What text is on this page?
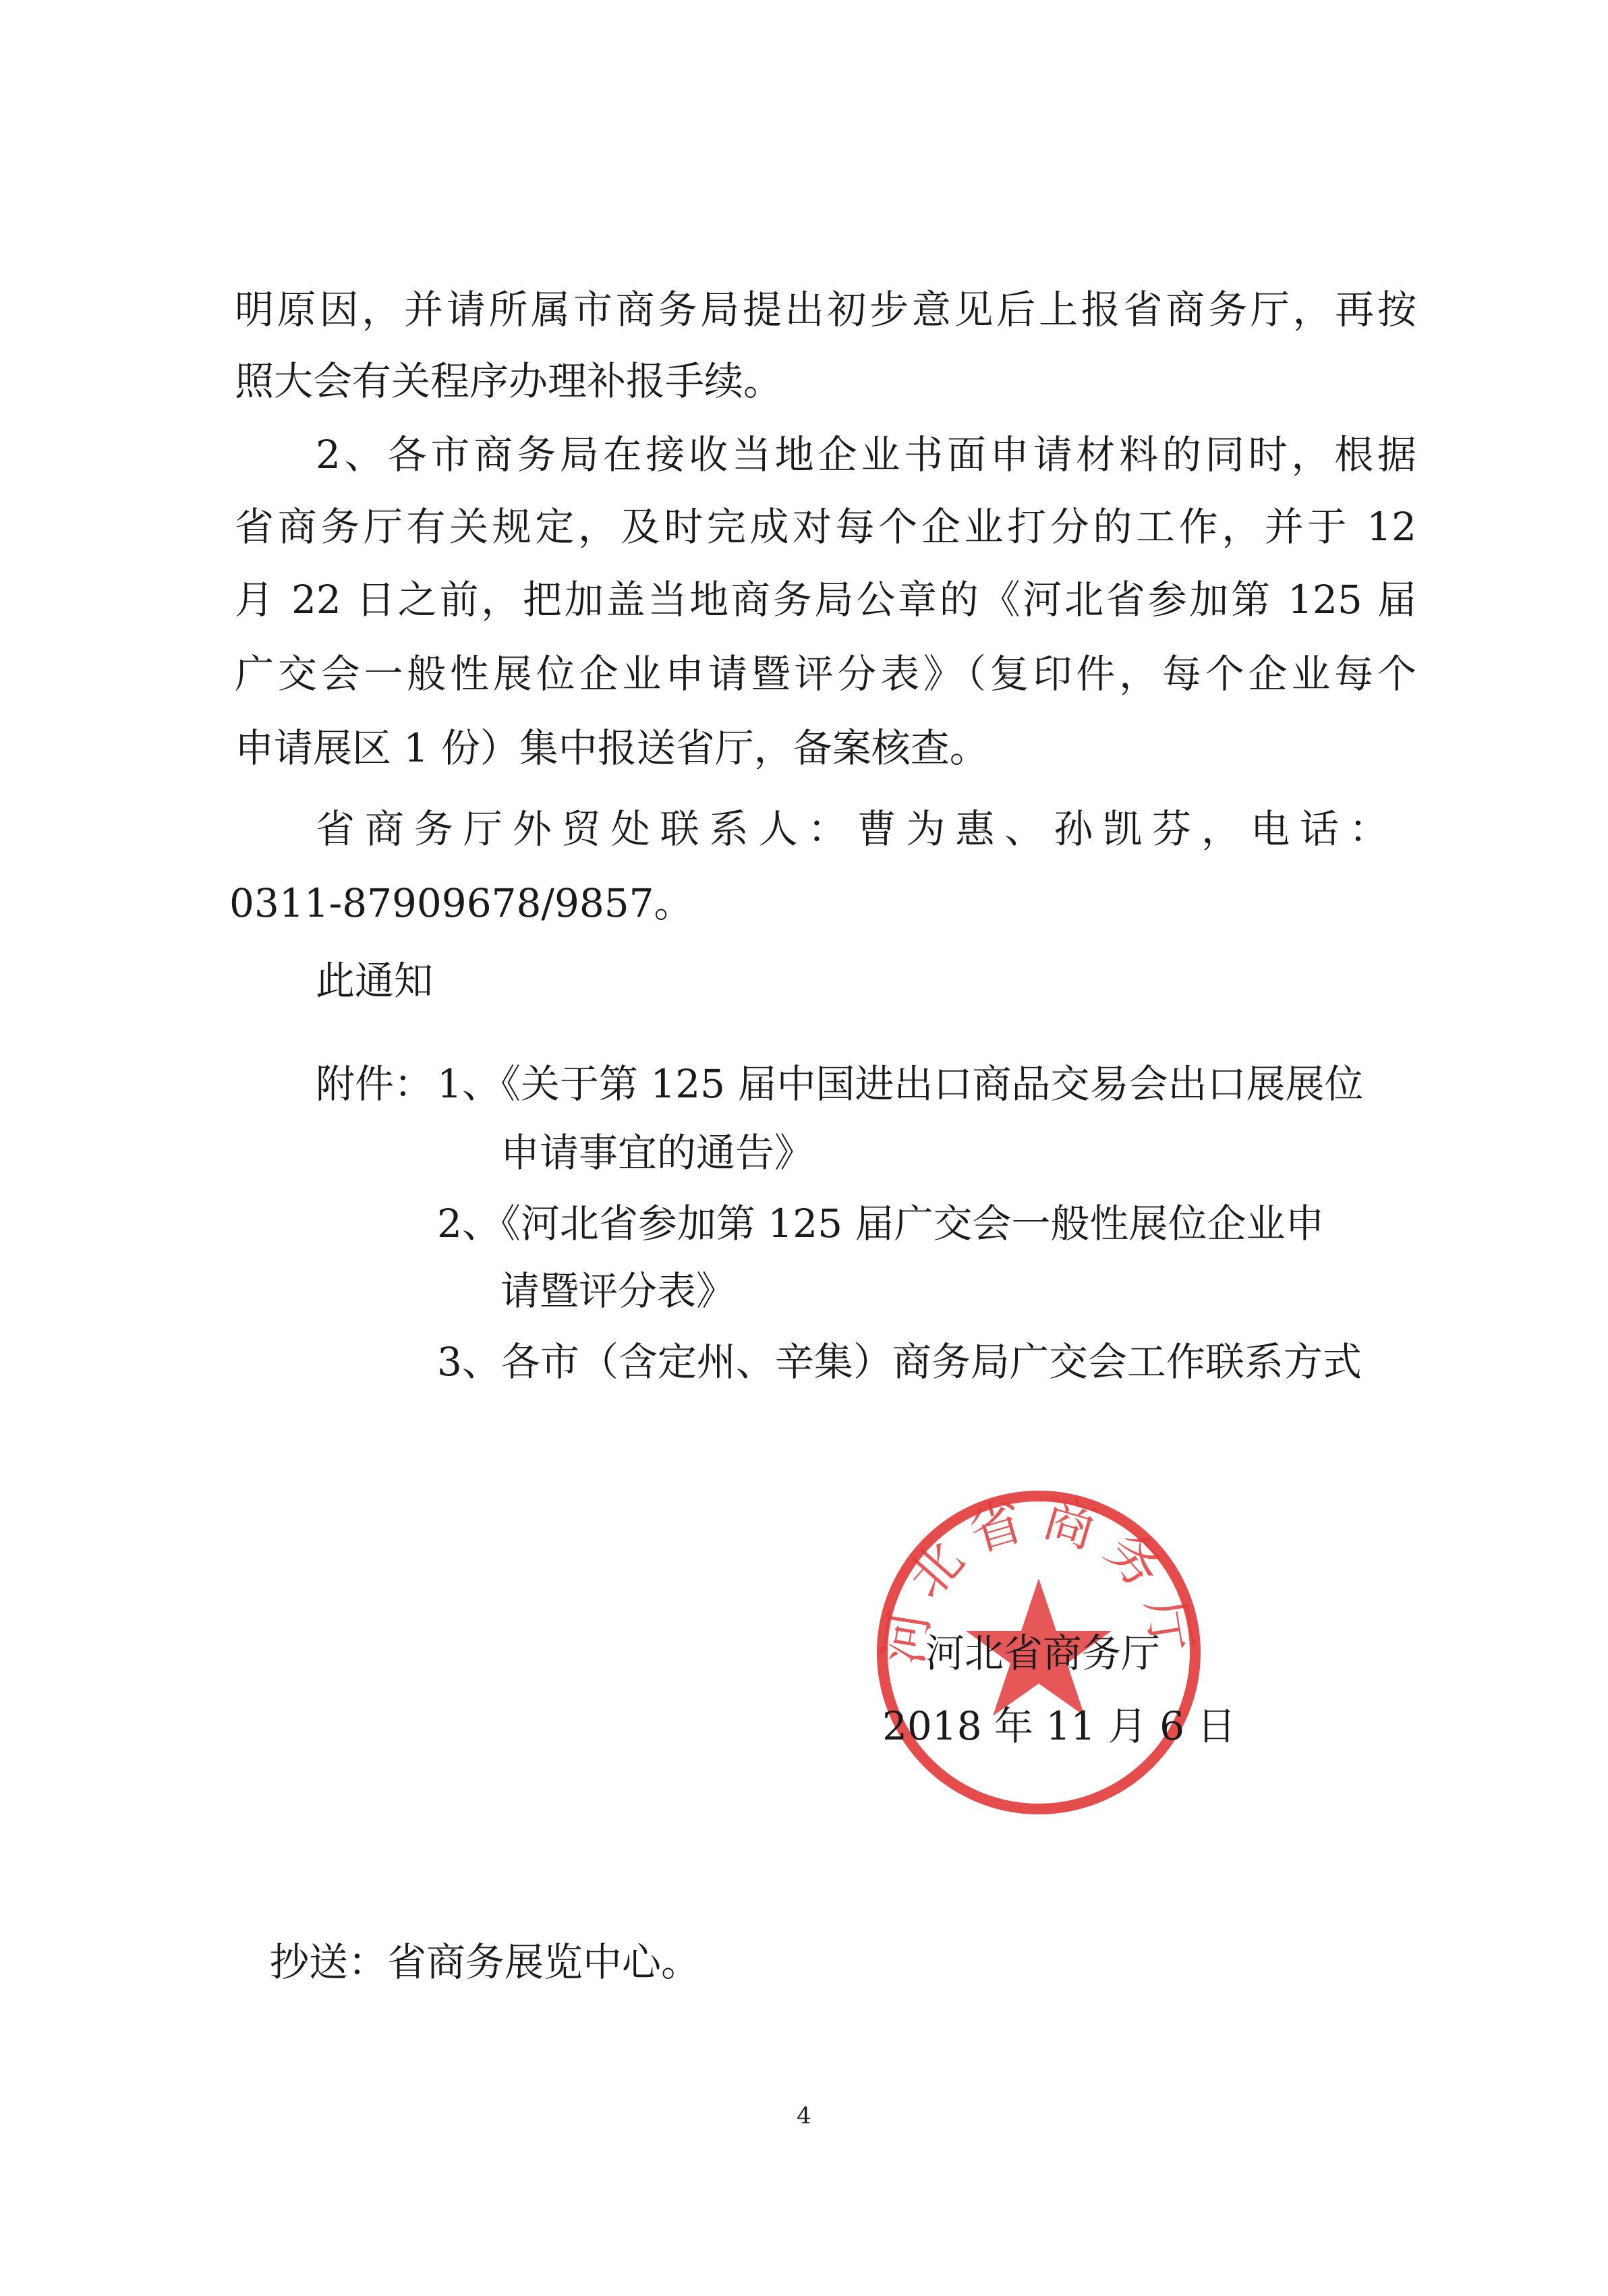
明原因，并请所属市商务局提出初步意见后上报省商务厅，再按
照大会有关程序办理补报手续。
2、各市商务局在接收当地企业书面申请材料的同时，根据
省商务厅有关规定，及时完成对每个企业打分的工作，并于 12
月 22 日之前，把加盖当地商务局公章的《河北省参加第 125 届
广交会一般性展位企业申请暨评分表》（复印件，每个企业每个
申请展区 1 份）集中报送省厅，备案核查。
省商务厅外贸处联系人：曹为惠、孙凯芬，电话：
0311-87909678/9857。
此通知
附件： 1、《关于第 125 届中国进出口商品交易会出口展展位
申请事宜的通告》
2、《河北省参加第 125 届广交会一般性展位企业申
请暨评分表》
3、各市（含定州、辛集）商务局广交会工作联系方式
河北省商务厅
河北省商务厅
2018 年 11 月 6 日
抄送：省商务展览中心。
4
